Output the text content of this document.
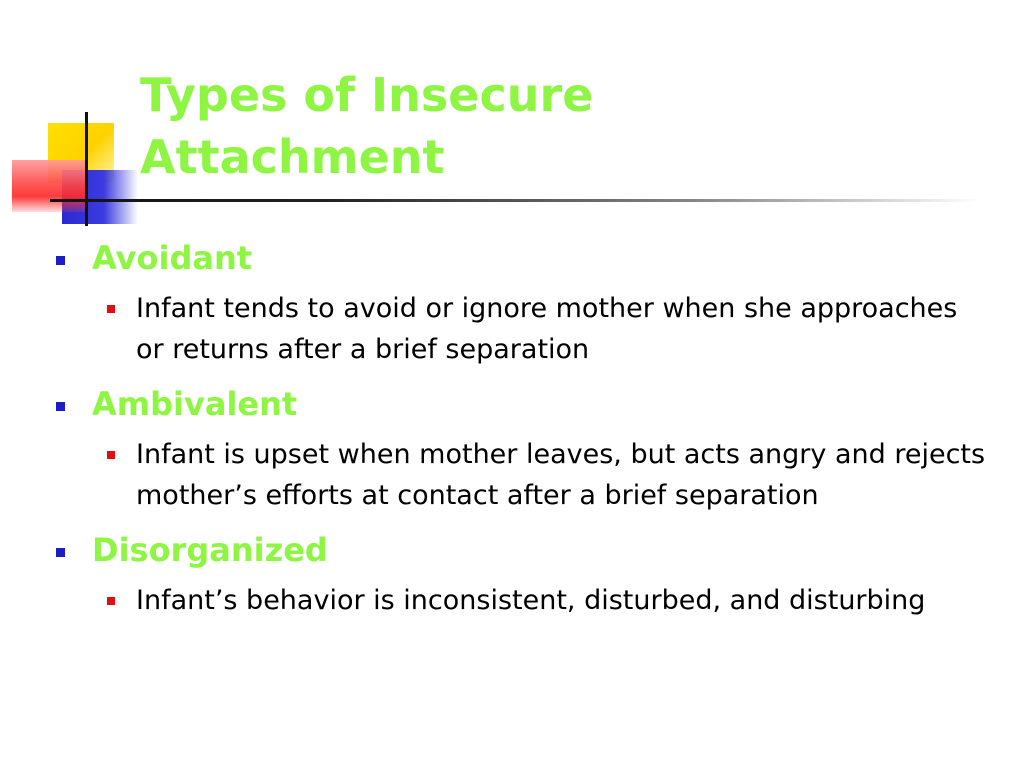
Types of Insecure
Attachment
Avoidant
Infant tends to avoid or ignore mother when she approaches or returns after a brief separation
Ambivalent
Infant is upset when mother leaves, but acts angry and rejects mother’s efforts at contact after a brief separation
Disorganized
Infant’s behavior is inconsistent, disturbed, and disturbing
